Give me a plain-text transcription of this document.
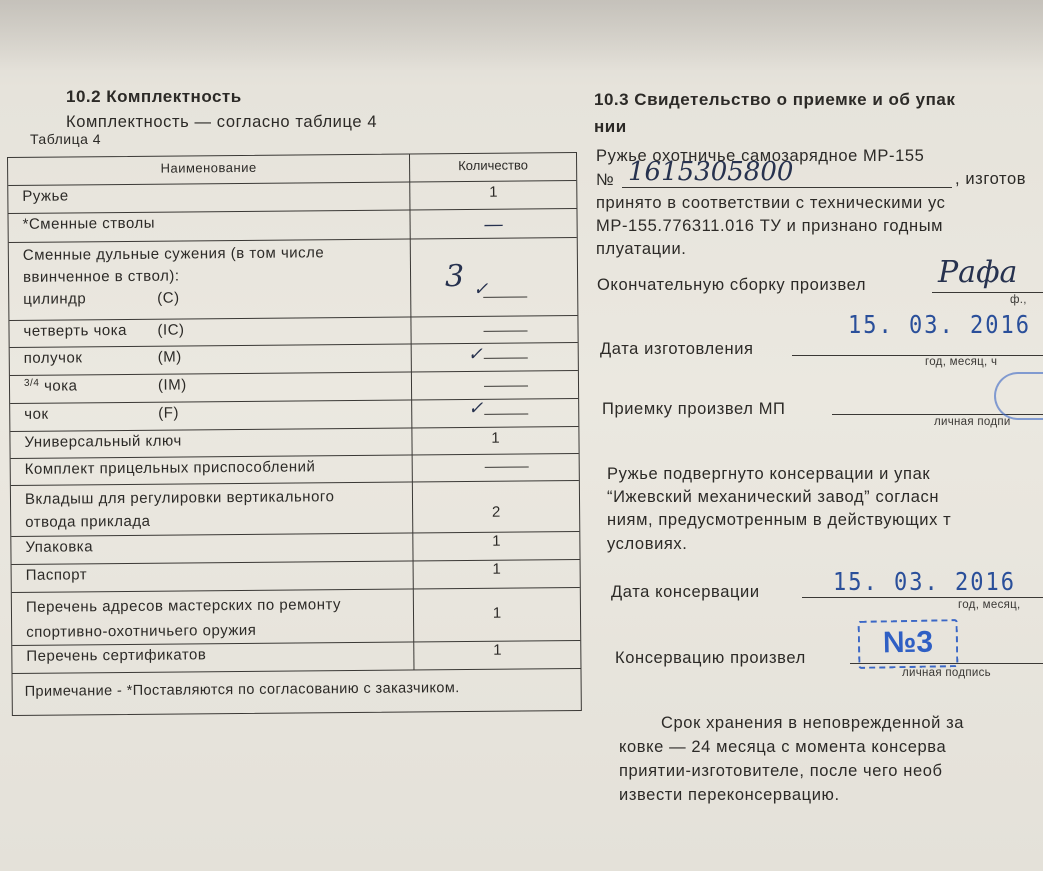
10.2 Комплектность
Комплектность — согласно таблице 4
Таблица 4
Наименование	Количество
Ружье	1
*Сменные стволы	—
Сменные дульные сужения (в том числе
ввинченное в ствол):
цилиндр	(C)
3 ✓
четверть чока (IC)
получок	(M)	✓
$^{3/4}$ чока	(IM)
чок	(F)	✓
Универсальный ключ	1
Комплект прицельных приспособлений
Вкладыш для регулировки вертикального
отвода приклада
2
Упаковка	1
Паспорт	1
Перечень адресов мастерских по ремонту
спортивно-охотничьего оружия
1
Перечень сертификатов	1
Примечание - *Поставляются по согласованию с заказчиком.
10.3 Свидетельство о приемке и об упак
нии
Ружье охотничье самозарядное МР-155
№ 1615305800	, изготов
принято в соответствии с техническими ус
МР-155.776311.016 ТУ и признано годным
плуатации.
Окончательную сборку произвел Рафа
ф.,
Дата изготовления
15. 03. 2016
год, месяц, ч
Приемку произвел МП
личная подпи
Ружье подвергнуто консервации и упак
“Ижевский механический завод” согласн
ниям, предусмотренным в действующих т
условиях.
Дата консервации	15. 03. 2016
год, месяц,
Консервацию произвел	№3
личная подпись
Срок хранения в неповрежденной за
ковке — 24 месяца с момента консерва
приятии-изготовителе, после чего необ
извести переконсервацию.
